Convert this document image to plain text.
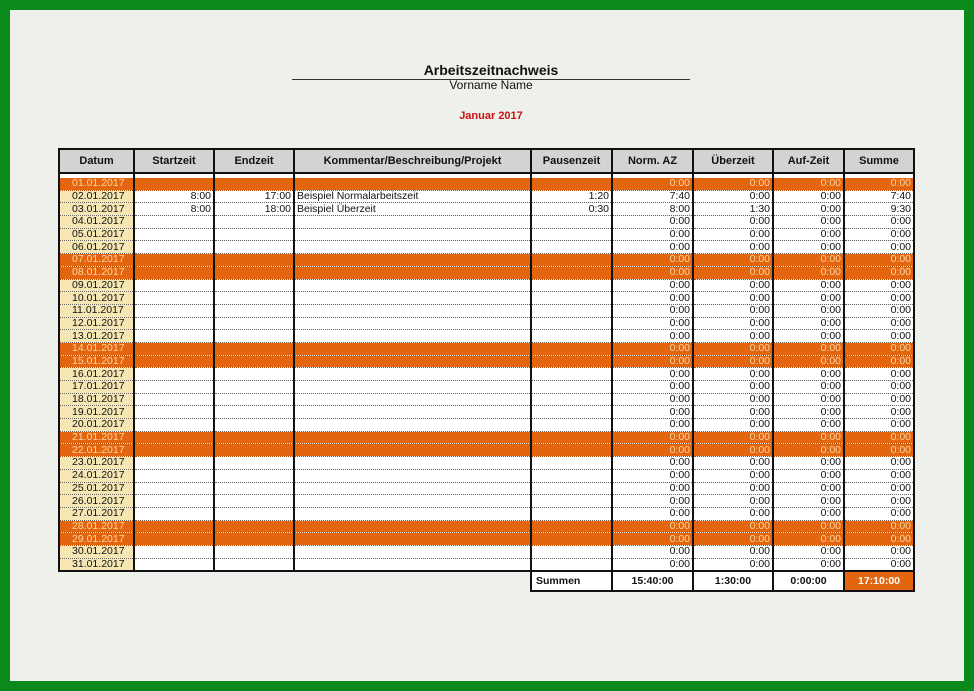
Arbeitszeitnachweis
Vorname Name
Januar 2017
Datum	Startzeit	Endzeit	Kommentar/Beschreibung/Projekt	Pausenzeit	Norm. AZ	Überzeit	Auf-Zeit	Summe

01.01.2017					0:00	0:00	0:00	0:00
02.01.2017	8:00	17:00	Beispiel Normalarbeitszeit	1:20	7:40	0:00	0:00	7:40
03.01.2017	8:00	18:00	Beispiel Überzeit	0:30	8:00	1:30	0:00	9:30
04.01.2017					0:00	0:00	0:00	0:00
05.01.2017					0:00	0:00	0:00	0:00
06.01.2017					0:00	0:00	0:00	0:00
07.01.2017					0:00	0:00	0:00	0:00
08.01.2017					0:00	0:00	0:00	0:00
09.01.2017					0:00	0:00	0:00	0:00
10.01.2017					0:00	0:00	0:00	0:00
11.01.2017					0:00	0:00	0:00	0:00
12.01.2017					0:00	0:00	0:00	0:00
13.01.2017					0:00	0:00	0:00	0:00
14.01.2017					0:00	0:00	0:00	0:00
15.01.2017					0:00	0:00	0:00	0:00
16.01.2017					0:00	0:00	0:00	0:00
17.01.2017					0:00	0:00	0:00	0:00
18.01.2017					0:00	0:00	0:00	0:00
19.01.2017					0:00	0:00	0:00	0:00
20.01.2017					0:00	0:00	0:00	0:00
21.01.2017					0:00	0:00	0:00	0:00
22.01.2017					0:00	0:00	0:00	0:00
23.01.2017					0:00	0:00	0:00	0:00
24.01.2017					0:00	0:00	0:00	0:00
25.01.2017					0:00	0:00	0:00	0:00
26.01.2017					0:00	0:00	0:00	0:00
27.01.2017					0:00	0:00	0:00	0:00
28.01.2017					0:00	0:00	0:00	0:00
29.01.2017					0:00	0:00	0:00	0:00
30.01.2017					0:00	0:00	0:00	0:00
31.01.2017					0:00	0:00	0:00	0:00
				Summen	15:40:00	1:30:00	0:00:00	17:10:00
